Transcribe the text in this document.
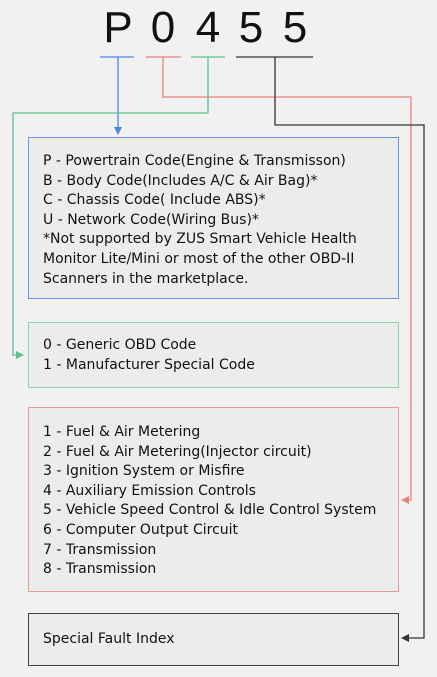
P 0 4 5 5
P - Powertrain Code(Engine & Transmisson)
B - Body Code(Includes A/C & Air Bag)*
C - Chassis Code( Include ABS)*
U - Network Code(Wiring Bus)*
*Not supported by ZUS Smart Vehicle Health
Monitor Lite/Mini or most of the other OBD-II
Scanners in the marketplace.
0 - Generic OBD Code
1 - Manufacturer Special Code
1 - Fuel & Air Metering
2 - Fuel & Air Metering(Injector circuit)
3 - Ignition System or Misfire
4 - Auxiliary Emission Controls
5 - Vehicle Speed Control & Idle Control System
6 - Computer Output Circuit
7 - Transmission
8 - Transmission
Special Fault Index
